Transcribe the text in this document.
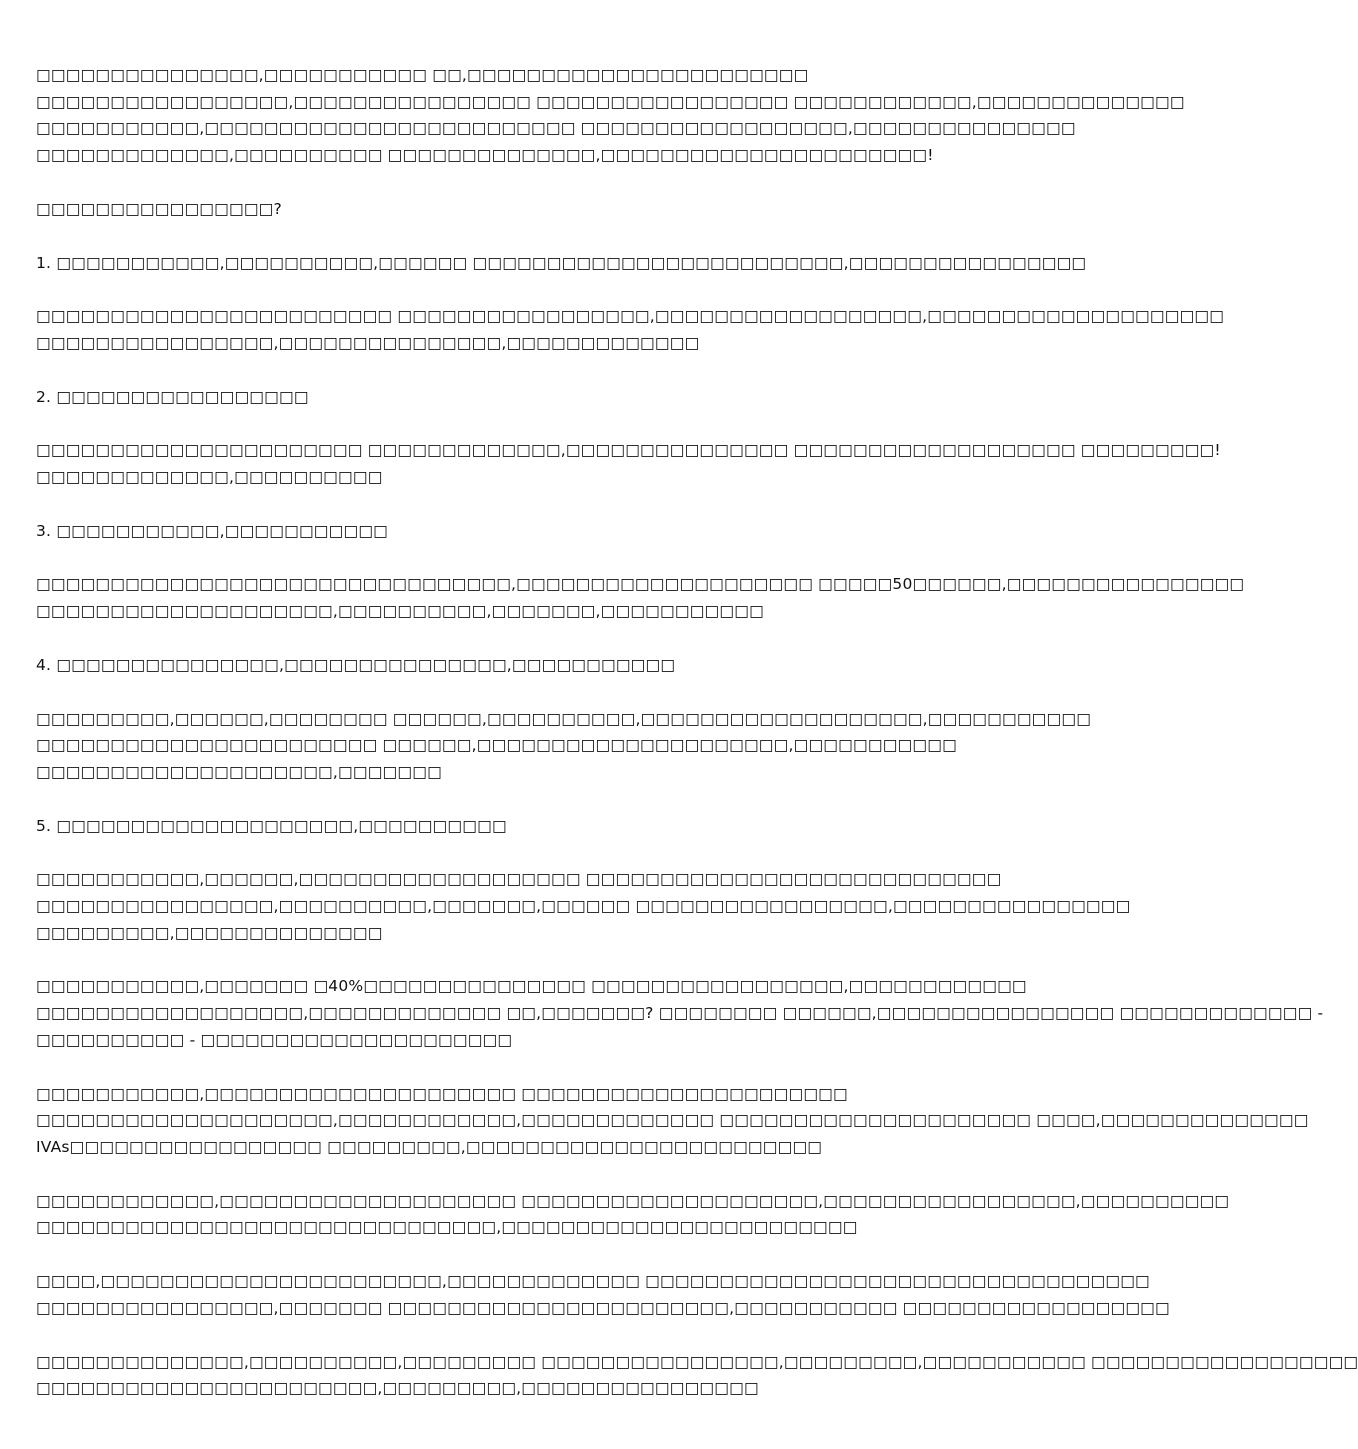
□□□□□□□□□□□□□□□,□□□□□□□□□□□ □□,□□□□□□□□□□□□□□□□□□□□□□□
□□□□□□□□□□□□□□□□□,□□□□□□□□□□□□□□□□ □□□□□□□□□□□□□□□□□ □□□□□□□□□□□□,□□□□□□□□□□□□□□
□□□□□□□□□□□,□□□□□□□□□□□□□□□□□□□□□□□□□ □□□□□□□□□□□□□□□□□□,□□□□□□□□□□□□□□□
□□□□□□□□□□□□□,□□□□□□□□□□ □□□□□□□□□□□□□□,□□□□□□□□□□□□□□□□□□□□□□!

□□□□□□□□□□□□□□□□?

1. □□□□□□□□□□□,□□□□□□□□□□,□□□□□□ □□□□□□□□□□□□□□□□□□□□□□□□□,□□□□□□□□□□□□□□□□

□□□□□□□□□□□□□□□□□□□□□□□□ □□□□□□□□□□□□□□□□□,□□□□□□□□□□□□□□□□□□,□□□□□□□□□□□□□□□□□□□□
□□□□□□□□□□□□□□□□,□□□□□□□□□□□□□□□,□□□□□□□□□□□□□

2. □□□□□□□□□□□□□□□□□

□□□□□□□□□□□□□□□□□□□□□□ □□□□□□□□□□□□□,□□□□□□□□□□□□□□□ □□□□□□□□□□□□□□□□□□□ □□□□□□□□□!
□□□□□□□□□□□□□,□□□□□□□□□□

3. □□□□□□□□□□□,□□□□□□□□□□□

□□□□□□□□□□□□□□□□□□□□□□□□□□□□□□□□,□□□□□□□□□□□□□□□□□□□□ □□□□□50□□□□□□,□□□□□□□□□□□□□□□□
□□□□□□□□□□□□□□□□□□□□,□□□□□□□□□□,□□□□□□□,□□□□□□□□□□□

4. □□□□□□□□□□□□□□□,□□□□□□□□□□□□□□□,□□□□□□□□□□□

□□□□□□□□□,□□□□□□,□□□□□□□□ □□□□□□,□□□□□□□□□□,□□□□□□□□□□□□□□□□□□□,□□□□□□□□□□□
□□□□□□□□□□□□□□□□□□□□□□□ □□□□□□,□□□□□□□□□□□□□□□□□□□□□,□□□□□□□□□□□
□□□□□□□□□□□□□□□□□□□□,□□□□□□□

5. □□□□□□□□□□□□□□□□□□□□,□□□□□□□□□□

□□□□□□□□□□□,□□□□□□,□□□□□□□□□□□□□□□□□□□ □□□□□□□□□□□□□□□□□□□□□□□□□□□□
□□□□□□□□□□□□□□□□,□□□□□□□□□□,□□□□□□□,□□□□□□ □□□□□□□□□□□□□□□□□,□□□□□□□□□□□□□□□□
□□□□□□□□□,□□□□□□□□□□□□□□

□□□□□□□□□□□,□□□□□□□ □40%□□□□□□□□□□□□□□□ □□□□□□□□□□□□□□□□□,□□□□□□□□□□□□
□□□□□□□□□□□□□□□□□□,□□□□□□□□□□□□□ □□,□□□□□□□? □□□□□□□□ □□□□□□,□□□□□□□□□□□□□□□□ □□□□□□□□□□□□□ -
□□□□□□□□□□ - □□□□□□□□□□□□□□□□□□□□□

□□□□□□□□□□□,□□□□□□□□□□□□□□□□□□□□□ □□□□□□□□□□□□□□□□□□□□□□
□□□□□□□□□□□□□□□□□□□□,□□□□□□□□□□□□,□□□□□□□□□□□□□ □□□□□□□□□□□□□□□□□□□□□ □□□□,□□□□□□□□□□□□□□
IVAs□□□□□□□□□□□□□□□□□ □□□□□□□□□,□□□□□□□□□□□□□□□□□□□□□□□□

□□□□□□□□□□□□,□□□□□□□□□□□□□□□□□□□□ □□□□□□□□□□□□□□□□□□□□,□□□□□□□□□□□□□□□□□,□□□□□□□□□□
□□□□□□□□□□□□□□□□□□□□□□□□□□□□□□□,□□□□□□□□□□□□□□□□□□□□□□□□

□□□□,□□□□□□□□□□□□□□□□□□□□□□□,□□□□□□□□□□□□□ □□□□□□□□□□□□□□□□□□□□□□□□□□□□□□□□□□
□□□□□□□□□□□□□□□□,□□□□□□□ □□□□□□□□□□□□□□□□□□□□□□□,□□□□□□□□□□□ □□□□□□□□□□□□□□□□□□

□□□□□□□□□□□□□□,□□□□□□□□□□,□□□□□□□□□ □□□□□□□□□□□□□□□□,□□□□□□□□□,□□□□□□□□□□□ □□□□□□□□□□□□□□□□□□
□□□□□□□□□□□□□□□□□□□□□□□,□□□□□□□□□,□□□□□□□□□□□□□□□□
